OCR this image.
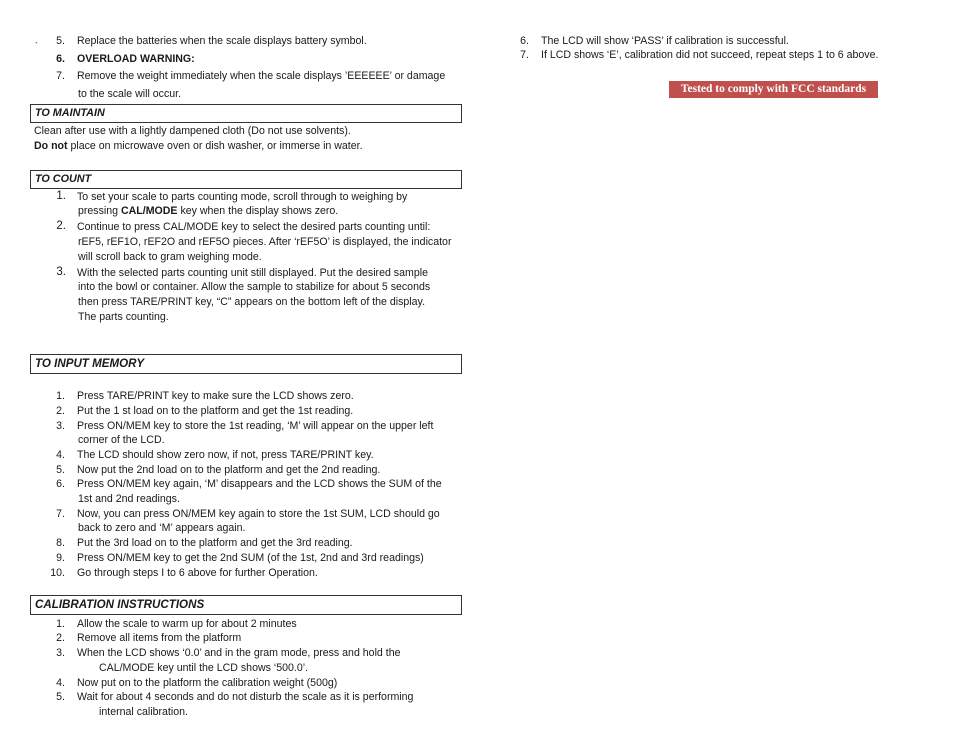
`	5. Replace the batteries when the scale displays battery symbol.
6. OVERLOAD WARNING:
7. Remove the weight immediately when the scale displays ’EEEEEE’ or damage
to the scale will occur.
TO MAINTAIN
Clean after use with a lightly dampened cloth (Do not use solvents).
Do not place on microwave oven or dish washer, or immerse in water.
TO COUNT
1. To set your scale to parts counting mode, scroll through to weighing by
pressing CAL/MODE key when the display shows zero.
2. Continue to press CAL/MODE key to select the desired parts counting until:
rEF5, rEF1O, rEF2O and rEF5O pieces. After ‘rEF5O’ is displayed, the indicator
will scroll back to gram weighing mode.
3. With the selected parts counting unit still displayed. Put the desired sample
into the bowl or container. Allow the sample to stabilize for about 5 seconds
then press TARE/PRINT key, “C” appears on the bottom left of the display.
The parts counting.
TO INPUT MEMORY
1. Press TARE/PRINT key to make sure the LCD shows zero.
2. Put the 1 st load on to the platform and get the 1st reading.
3. Press ON/MEM key to store the 1st reading, ‘M’ will appear on the upper left
corner of the LCD.
4. The LCD should show zero now, if not, press TARE/PRINT key.
5. Now put the 2nd load on to the platform and get the 2nd reading.
6. Press ON/MEM key again, ‘M’ disappears and the LCD shows the SUM of the
1st and 2nd readings.
7. Now, you can press ON/MEM key again to store the 1st SUM, LCD should go
back to zero and ‘M’ appears again.
8. Put the 3rd load on to the platform and get the 3rd reading.
9. Press ON/MEM key to get the 2nd SUM (of the 1st, 2nd and 3rd readings)
10. Go through steps I to 6 above for further Operation.
CALIBRATION INSTRUCTIONS
1. Allow the scale to warm up for about 2 minutes
2. Remove all items from the platform
3. When the LCD shows ‘0.0’ and in the gram mode, press and hold the
CAL/MODE key until the LCD shows ‘500.0’.
4. Now put on to the platform the calibration weight (500g)
5. Wait for about 4 seconds and do not disturb the scale as it is performing
internal calibration.
6. The LCD will show ‘PASS’ if calibration is successful.
7. If LCD shows ‘E’, calibration did not succeed, repeat steps 1 to 6 above.
Tested to comply with FCC standards
